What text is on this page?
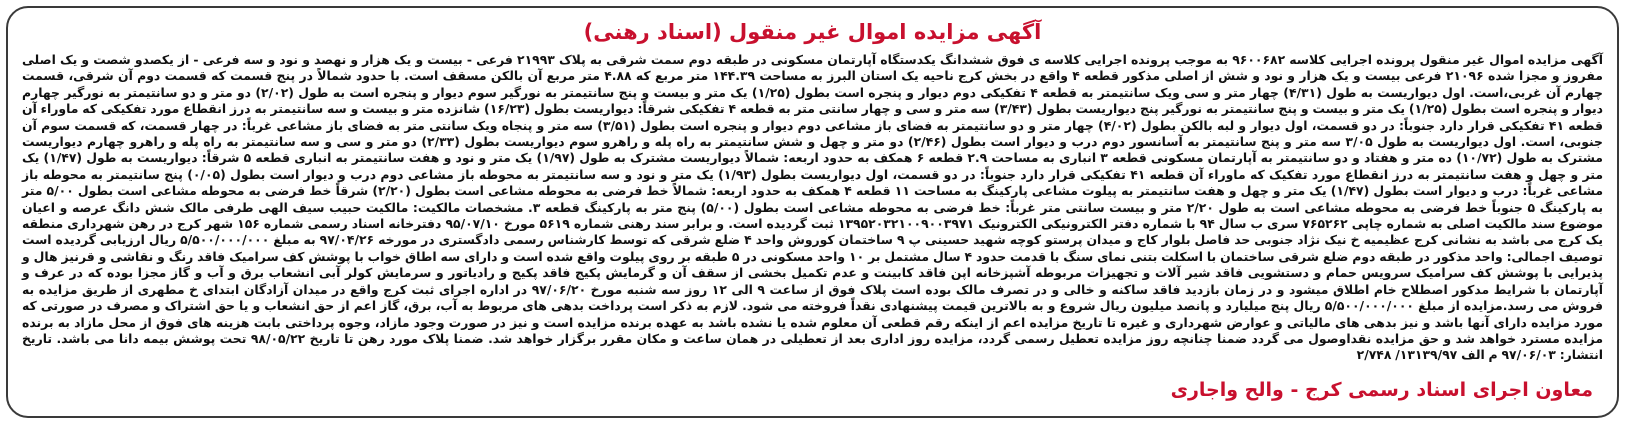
آگهی مزایده اموال غیر منقول (اسناد رهنی)
آگهی مزایده اموال غیر منقول پرونده اجرایی کلاسه ۹۶۰۰۶۸۲ به موجب پرونده اجرایی کلاسه ی فوق ششدانگ یکدستگاه آپارتمان مسکونی در طبقه دوم سمت شرقی به پلاک ۲۱۹۹۳ فرعی - بیست و یک هزار و نهصد و نود و سه فرعی - از یکصدو شصت و یک اصلی مفروز و مجزا شده ۲۱۰۹۶ فرعی بیست و یک هزار و نود و شش از اصلی مذکور قطعه ۴ واقع در بخش کرج ناحیه یک استان البرز به مساحت ۱۴۴.۳۹ متر مربع که ۴.۸۸ متر مربع آن بالکن مسقف است. با حدود شمالاً در پنج قسمت که قسمت دوم آن شرقی، قسمت چهارم آن غربی،است. اول دیواریست به طول (۴/۳۱) چهار متر و سی ویک سانتیمتر به قطعه ۴ تفکیکی دوم دیوار و پنجره است بطول (۱/۲۵) یک متر و بیست و پنج سانتیمتر به نورگیر سوم دیوار و پنجره است به طول (۲/۰۲) دو متر و دو سانتیمتر به نورگیر چهارم دیوار و پنجره است بطول (۱/۲۵) یک متر و بیست و پنج سانتیمتر به نورگیر پنج دیواریست بطول (۳/۴۳) سه متر و سی و چهار سانتی متر به قطعه ۴ تفکیکی شرقاً: دیواریست بطول (۱۶/۲۳) شانزده متر و بیست و سه سانتیمتر به درز انقطاع مورد تفکیکی که ماوراء آن قطعه ۴۱ تفکیکی قرار دارد جنوباً: در دو قسمت، اول دیوار و لبه بالکن بطول (۴/۰۲) چهار متر و دو سانتیمتر به فضای باز مشاعی دوم دیوار و پنجره است بطول (۳/۵۱) سه متر و پنجاه ویک سانتی متر به فضای باز مشاعی غرباً: در چهار قسمت، که قسمت سوم آن جنوبی، است. اول دیواریست به طول ۳/۰۵ سه متر و پنج سانتیمتر به آسانسور دوم درب و دیوار است بطول (۲/۴۶) دو متر و چهل و شش سانتیمتر به راه پله و راهرو سوم دیواریست بطول (۲/۳۳) دو متر و سی و سه سانتیمتر به راه پله و راهرو چهارم دیواریست مشترک به طول (۱۰/۷۲) ده متر و هفتاد و دو سانتیمتر به آپارتمان مسکونی قطعه ۳ انباری به مساحت ۲.۹ قطعه ۶ همکف به حدود اربعه: شمالاً دیواریست مشترک به طول (۱/۹۷) یک متر و نود و هفت سانتیمتر به انباری قطعه ۵ شرقاً: دیواریست به طول (۱/۴۷) یک متر و چهل و هفت سانتیمتر به درز انقطاع مورد تفکیک که ماوراء آن قطعه ۴۱ تفکیکی قرار دارد جنوباً: در دو قسمت، اول دیواریست بطول (۱/۹۳) یک متر و نود و سه سانتیمتر به محوطه باز مشاعی دوم درب و دیوار است بطول (۰/۰۵) پنج سانتیمتر به محوطه باز مشاعی غرباً: درب و دیوار است بطول (۱/۴۷) یک متر و چهل و هفت سانتیمتر به پیلوت مشاعی پارکینگ به مساحت ۱۱ قطعه ۴ همکف به حدود اربعه: شمالاً خط فرضی به محوطه مشاعی است بطول (۲/۲۰) شرقاً خط فرضی به محوطه مشاعی است بطول ۵/۰۰ متر به پارکینگ ۵ جنوباً خط فرضی به محوطه مشاعی است به طول ۲/۲۰ متر و بیست سانتی متر غرباً: خط فرضی به محوطه مشاعی است بطول (۵/۰۰) پنج متر به پارکینگ قطعه ۳. مشخصات مالکیت: مالکیت حبیب سیف الهی طرفی مالک شش دانگ عرصه و اعیان موضوع سند مالکیت اصلی به شماره چاپی ۷۶۵۲۶۲ سری ب سال ۹۴ با شماره دفتر الکترونیکی الکترونیک ۱۳۹۵۲۰۳۲۱۰۰۹۰۰۳۹۷۱ ثبت گردیده است. و برابر سند رهنی شماره ۵۶۱۹ مورخ ۹۵/۰۷/۱۰ دفترخانه اسناد رسمی شماره ۱۵۶ شهر کرج در رهن شهرداری منطقه یک کرج می باشد به نشانی کرج عظیمیه خ نیک نژاد جنوبی حد فاصل بلوار کاج و میدان پرستو کوچه شهید حسینی پ ۹ ساختمان کوروش واحد ۴ ضلع شرقی که توسط کارشناس رسمی دادگستری در مورخه ۹۷/۰۴/۲۶ به مبلغ ۵/۵۰۰/۰۰۰/۰۰۰ ریال ارزیابی گردیده است توصیف اجمالی: واحد مذکور در طبقه دوم ضلع شرقی ساختمان با اسکلت بتنی نمای سنگ با قدمت حدود ۴ سال مشتمل بر ۱۰ واحد مسکونی در ۵ طبقه بر روی پیلوت واقع شده است و دارای سه اطاق خواب با پوشش کف سرامیک فاقد رنگ و نقاشی و قرنیز هال و پذیرایی با پوشش کف سرامیک سرویس حمام و دستشویی فاقد شیر آلات و تجهیزات مربوطه آشپزخانه اپن فاقد کابینت و عدم تکمیل بخشی از سقف آن و گرمایش پکیج فاقد پکیج و رادیاتور و سرمایش کولر آبی انشعاب برق و آب و گاز مجزا بوده که در عرف و آپارتمان با شرایط مدکور اصطلاح خام اطلاق میشود و در زمان بازدید فاقد ساکنه و خالی و در تصرف مالک بوده است پلاک فوق از ساعت ۹ الی ۱۲ روز سه شنبه مورخ ۹۷/۰۶/۲۰ در اداره اجرای ثبت کرج واقع در میدان آزادگان ابتدای خ مطهری از طریق مزایده به فروش می رسد.مزایده از مبلغ ۵/۵۰۰/۰۰۰/۰۰۰ ریال پنج میلیارد و پانصد میلیون ریال شروع و به بالاترین قیمت پیشنهادی نقداً فروخته می شود. لازم به ذکر است پرداخت بدهی های مربوط به آب، برق، گاز اعم از حق انشعاب و یا حق اشتراک و مصرف در صورتی که مورد مزایده دارای آنها باشد و نیز بدهی های مالیاتی و عوارض شهرداری و غیره تا تاریخ مزایده اعم از اینکه رقم قطعی آن معلوم شده یا نشده باشد به عهده برنده مزایده است و نیز در صورت وجود مازاد، وجوه پرداختی بابت هزینه های فوق از محل مازاد به برنده مزایده مسترد خواهد شد و حق مزایده نقداوصول می گردد ضمنا چنانچه روز مزایده تعطیل رسمی گردد، مزایده روز اداری بعد از تعطیلی در همان ساعت و مکان مقرر برگزار خواهد شد. ضمنا پلاک مورد رهن تا تاریخ ۹۸/۰۵/۲۲ تحت پوشش بیمه دانا می باشد. تاریخ انتشار: ۹۷/۰۶/۰۳ م الف ۱۳۱۳۹/۹۷/ ۲/۷۴۸
معاون اجرای اسناد رسمی کرج - والح واجاری
